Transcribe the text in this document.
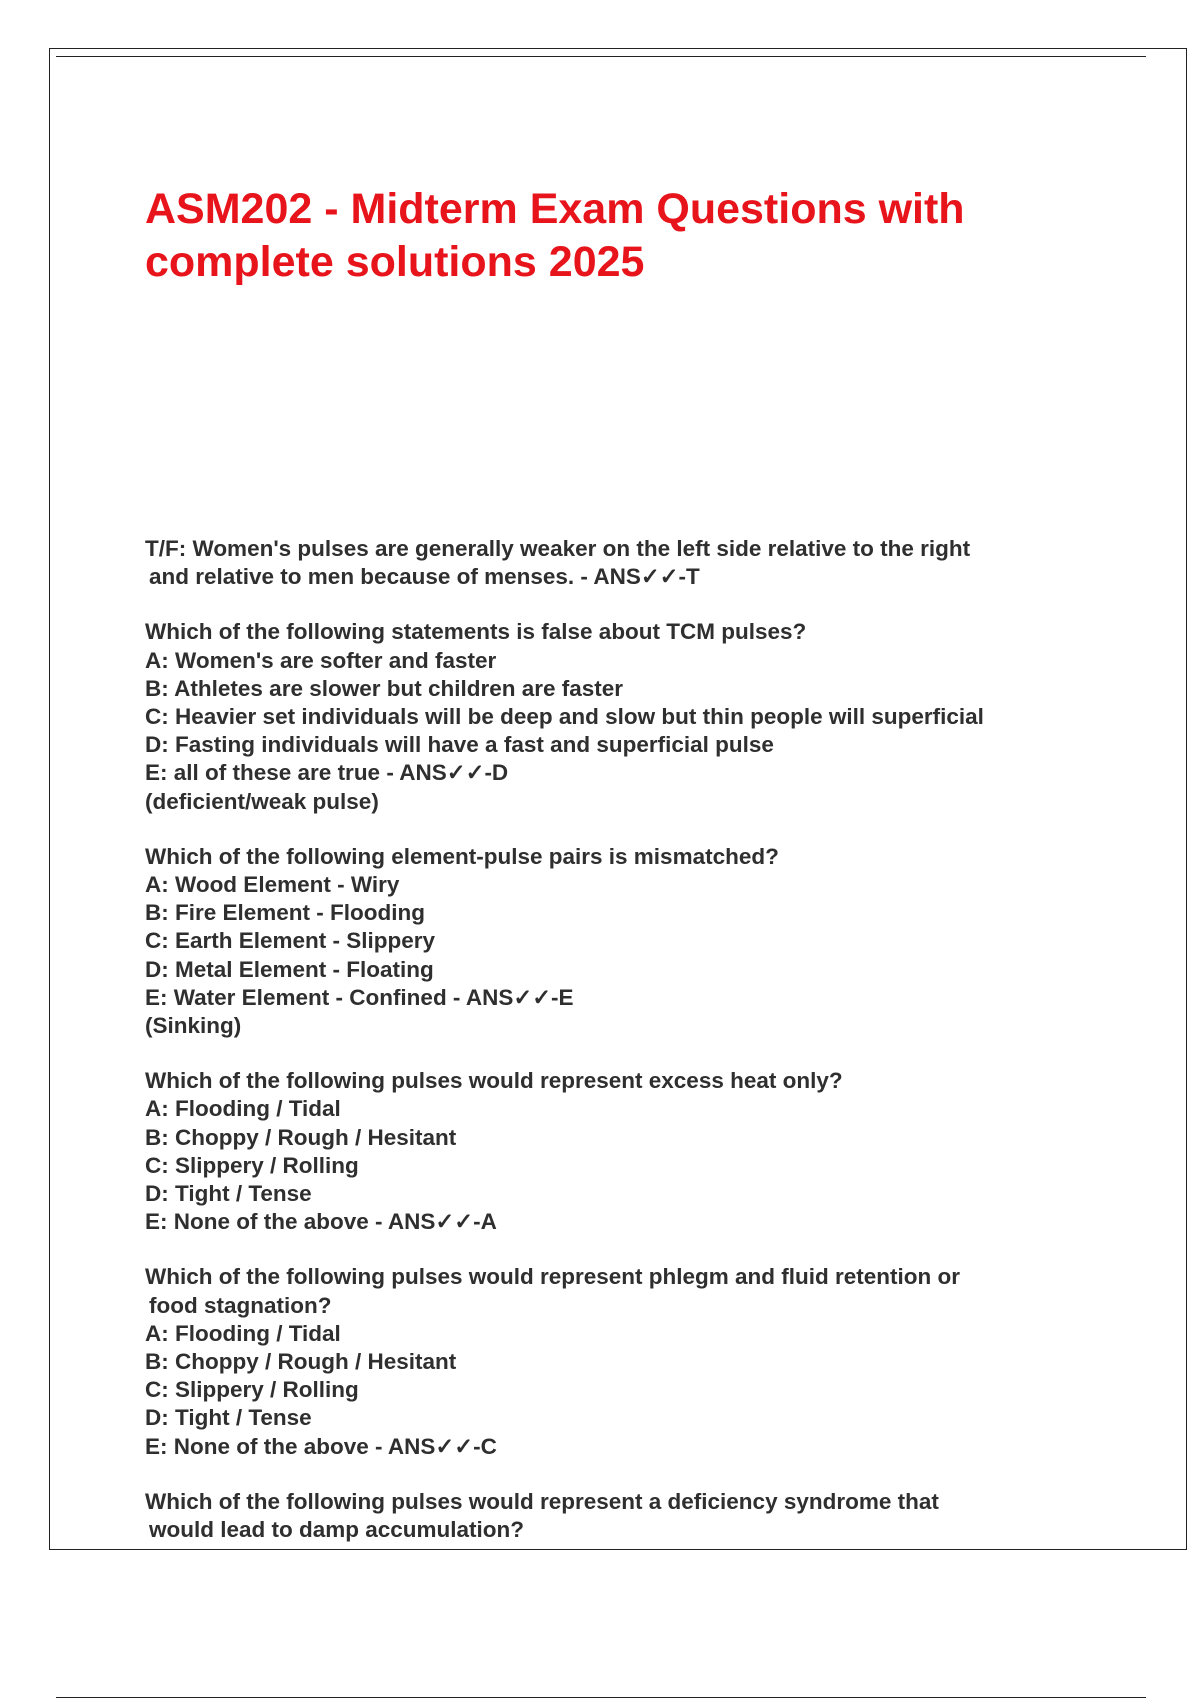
ASM202 - Midterm Exam Questions with complete solutions 2025
T/F: Women's pulses are generally weaker on the left side relative to the right
and relative to men because of menses. - ANS✓✓-T
Which of the following statements is false about TCM pulses?
A: Women's are softer and faster
B: Athletes are slower but children are faster
C: Heavier set individuals will be deep and slow but thin people will superficial
D: Fasting individuals will have a fast and superficial pulse
E: all of these are true - ANS✓✓-D
(deficient/weak pulse)
Which of the following element-pulse pairs is mismatched?
A: Wood Element - Wiry
B: Fire Element - Flooding
C: Earth Element - Slippery
D: Metal Element - Floating
E: Water Element - Confined - ANS✓✓-E
(Sinking)
Which of the following pulses would represent excess heat only?
A: Flooding / Tidal
B: Choppy / Rough / Hesitant
C: Slippery / Rolling
D: Tight / Tense
E: None of the above - ANS✓✓-A
Which of the following pulses would represent phlegm and fluid retention or
food stagnation?
A: Flooding / Tidal
B: Choppy / Rough / Hesitant
C: Slippery / Rolling
D: Tight / Tense
E: None of the above - ANS✓✓-C
Which of the following pulses would represent a deficiency syndrome that
would lead to damp accumulation?
